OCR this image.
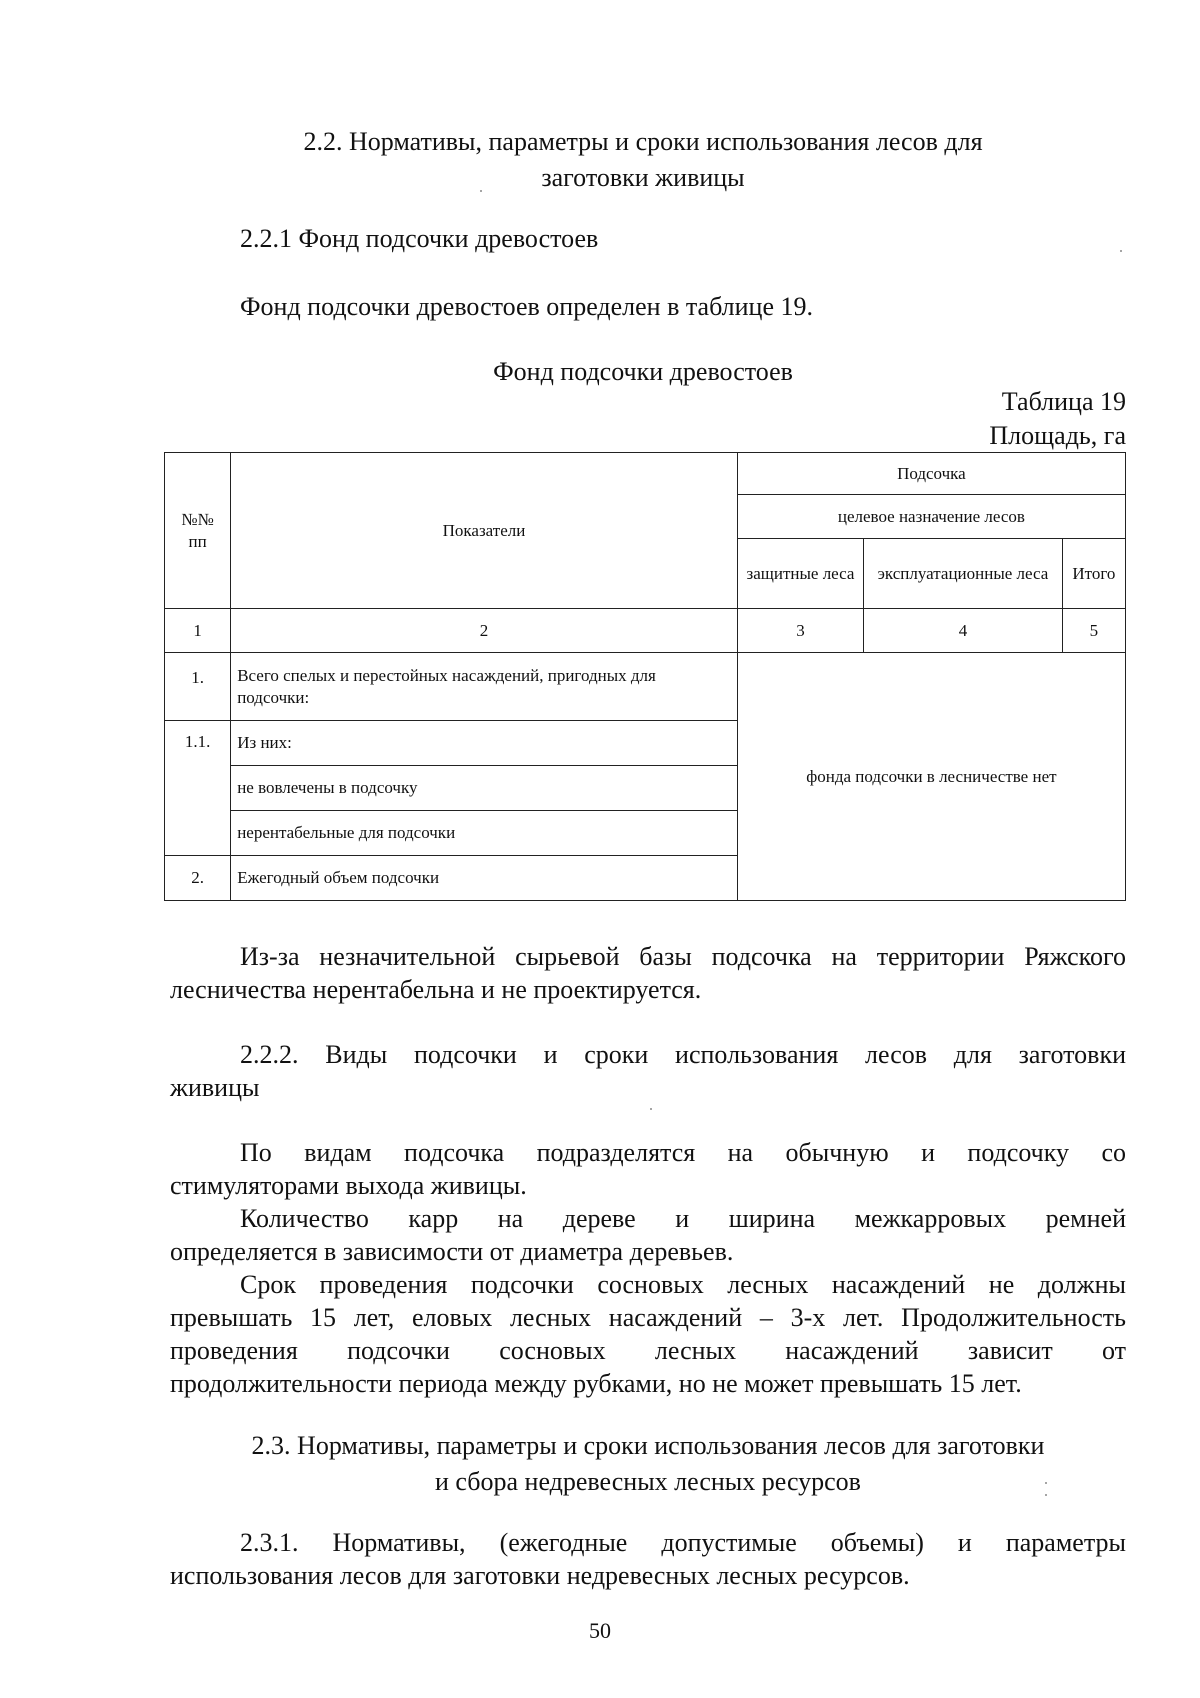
2.2. Нормативы, параметры и сроки использования лесов для
заготовки живицы
2.2.1 Фонд подсочки древостоев
Фонд подсочки древостоев определен в таблице 19.
Фонд подсочки древостоев
Таблица 19
Площадь, га
№№ пп	Показатели	Подсочка		
		целевое назначение лесов		
		защитные леса	эксплуатационные леса	Итого
1	2	3	4	5
1.	Всего спелых и перестойных насаждений, пригодных для подсочки:	фонда подсочки в лесничестве нет		
1.1.	Из них:			
	не вовлечены в подсочку			
	нерентабельные для подсочки			
2.	Ежегодный объем подсочки			
Из-за незначительной сырьевой базы подсочка на территории Ряжского
лесничества нерентабельна и не проектируется.
2.2.2. Виды подсочки и сроки использования лесов для заготовки
живицы
По видам подсочка подразделятся на обычную и подсочку со
стимуляторами выхода живицы.
Количество карр на дереве и ширина межкарровых ремней
определяется в зависимости от диаметра деревьев.
Срок проведения подсочки сосновых лесных насаждений не должны
превышать 15 лет, еловых лесных насаждений – 3-х лет. Продолжительность
проведения подсочки сосновых лесных насаждений зависит от
продолжительности периода между рубками, но не может превышать 15 лет.
2.3. Нормативы, параметры и сроки использования лесов для заготовки
и сбора недревесных лесных ресурсов
2.3.1. Нормативы, (ежегодные допустимые объемы) и параметры
использования лесов для заготовки недревесных лесных ресурсов.
50
